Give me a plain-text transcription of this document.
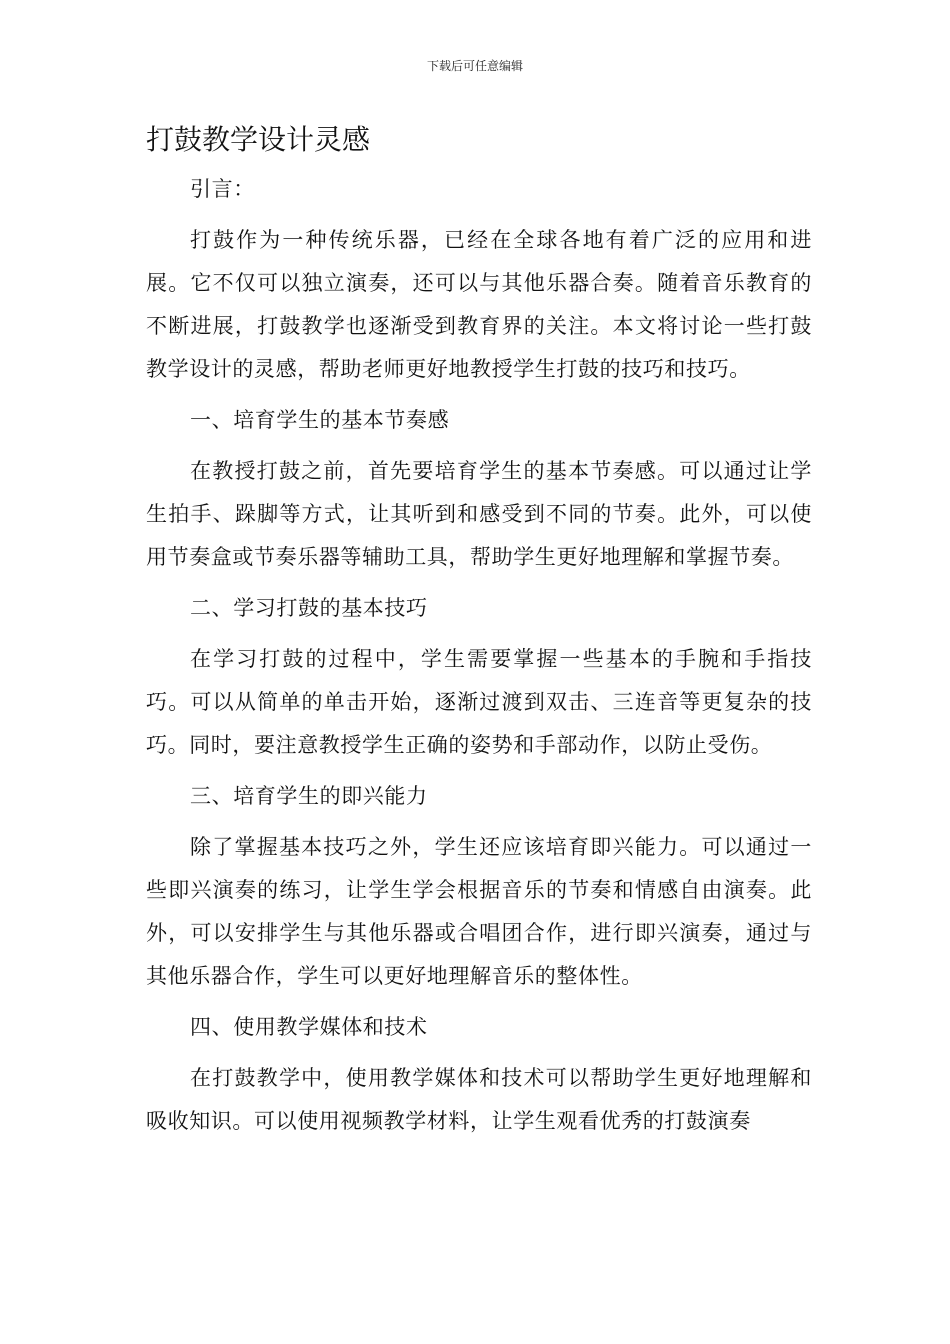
下载后可任意编辑
打鼓教学设计灵感

引言：

打鼓作为一种传统乐器，已经在全球各地有着广泛的应用和进展。它不仅可以独立演奏，还可以与其他乐器合奏。随着音乐教育的不断进展，打鼓教学也逐渐受到教育界的关注。本文将讨论一些打鼓教学设计的灵感，帮助老师更好地教授学生打鼓的技巧和技巧。

一、培育学生的基本节奏感

在教授打鼓之前，首先要培育学生的基本节奏感。可以通过让学生拍手、跺脚等方式，让其听到和感受到不同的节奏。此外，可以使用节奏盒或节奏乐器等辅助工具，帮助学生更好地理解和掌握节奏。

二、学习打鼓的基本技巧

在学习打鼓的过程中，学生需要掌握一些基本的手腕和手指技巧。可以从简单的单击开始，逐渐过渡到双击、三连音等更复杂的技巧。同时，要注意教授学生正确的姿势和手部动作，以防止受伤。

三、培育学生的即兴能力

除了掌握基本技巧之外，学生还应该培育即兴能力。可以通过一些即兴演奏的练习，让学生学会根据音乐的节奏和情感自由演奏。此外，可以安排学生与其他乐器或合唱团合作，进行即兴演奏，通过与其他乐器合作，学生可以更好地理解音乐的整体性。

四、使用教学媒体和技术

在打鼓教学中，使用教学媒体和技术可以帮助学生更好地理解和吸收知识。可以使用视频教学材料，让学生观看优秀的打鼓演奏
